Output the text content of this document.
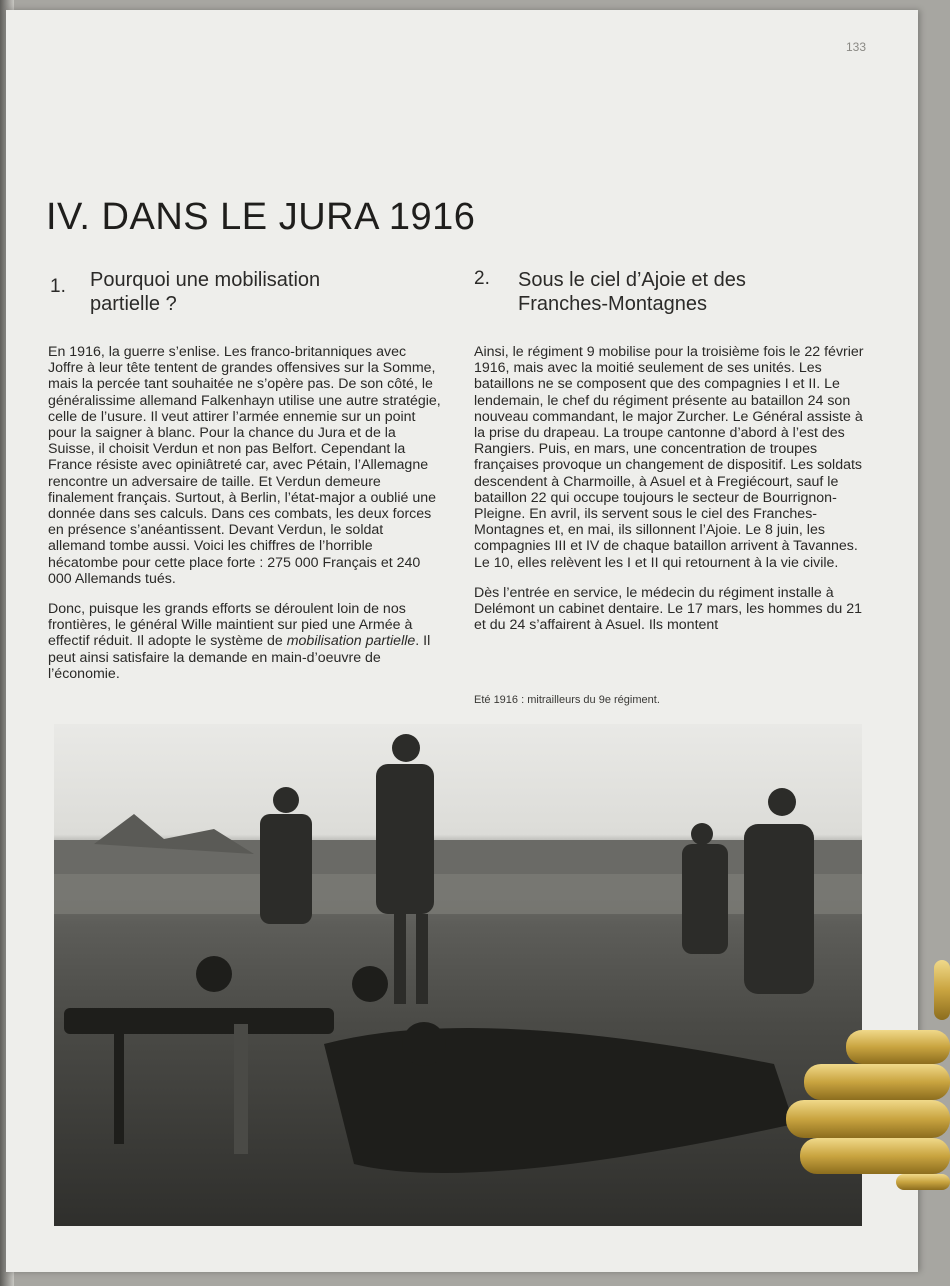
133
IV. DANS LE JURA 1916
1. Pourquoi une mobilisation
partielle ?

En 1916, la guerre s’enlise. Les franco-britanniques avec Joffre à leur tête tentent de grandes offensives sur la Somme, mais la percée tant souhaitée ne s’opère pas. De son côté, le généralissime allemand Falkenhayn utilise une autre stratégie, celle de l’usure. Il veut attirer l’armée ennemie sur un point pour la saigner à blanc. Pour la chance du Jura et de la Suisse, il choisit Verdun et non pas Belfort. Cependant la France résiste avec opiniâtreté car, avec Pétain, l’Allemagne rencontre un adversaire de taille. Et Verdun demeure finalement français. Surtout, à Berlin, l’état-major a oublié une donnée dans ses calculs. Dans ces combats, les deux forces en présence s’anéantissent. Devant Verdun, le soldat allemand tombe aussi. Voici les chiffres de l’horrible hécatombe pour cette place forte : 275 000 Français et 240 000 Allemands tués.

Donc, puisque les grands efforts se déroulent loin de nos frontières, le général Wille maintient sur pied une Armée à effectif réduit. Il adopte le système de mobilisation partielle. Il peut ainsi satisfaire la demande en main-d’oeuvre de l’économie.

2. Sous le ciel d’Ajoie et des
Franches-Montagnes

Ainsi, le régiment 9 mobilise pour la troisième fois le 22 février 1916, mais avec la moitié seulement de ses unités. Les bataillons ne se composent que des compagnies I et II. Le lendemain, le chef du régiment présente au bataillon 24 son nouveau commandant, le major Zurcher. Le Général assiste à la prise du drapeau. La troupe cantonne d’abord à l’est des Rangiers. Puis, en mars, une concentration de troupes françaises provoque un changement de dispositif. Les soldats descendent à Charmoille, à Asuel et à Fregiécourt, sauf le bataillon 22 qui occupe toujours le secteur de Bourrignon-Pleigne. En avril, ils servent sous le ciel des Franches-Montagnes et, en mai, ils sillonnent l’Ajoie. Le 8 juin, les compagnies III et IV de chaque bataillon arrivent à Tavannes. Le 10, elles relèvent les I et II qui retournent à la vie civile.

Dès l’entrée en service, le médecin du régiment installe à Delémont un cabinet dentaire. Le 17 mars, les hommes du 21 et du 24 s’affairent à Asuel. Ils montent

Eté 1916 : mitrailleurs du 9e régiment.
